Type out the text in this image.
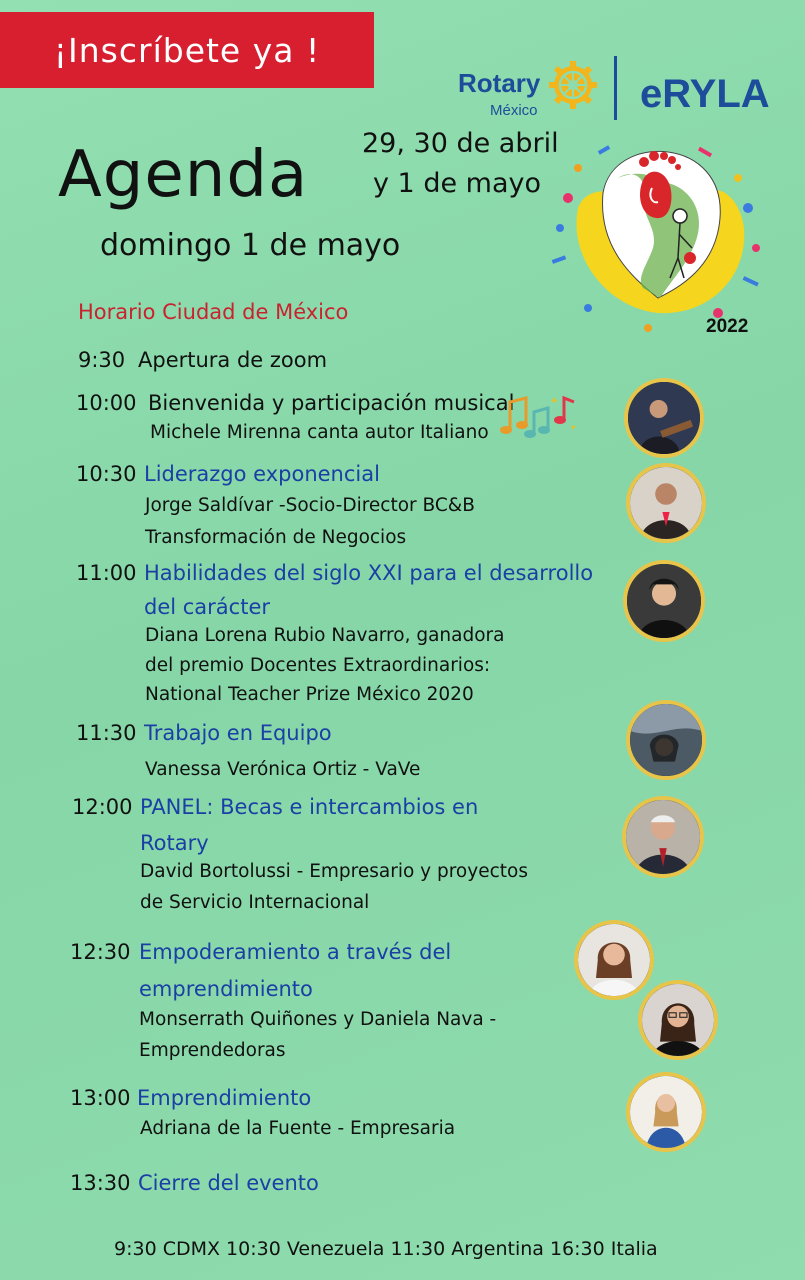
¡Inscríbete ya !
Rotary
México	eRYLA
Agenda 29, 30 de abril
y 1 de mayo
domingo 1 de mayo
2022
Horario Ciudad de México
9:30 Apertura de zoom
10:00 Bienvenida y participación musical
Michele Mirenna canta autor Italiano
✦
✦
10:30 Liderazgo exponencial
Jorge Saldívar -Socio-Director BC&B
Transformación de Negocios
11:00 Habilidades del siglo XXI para el desarrollo
del carácter
Diana Lorena Rubio Navarro, ganadora
del premio Docentes Extraordinarios:
National Teacher Prize México 2020
11:30 Trabajo en Equipo
Vanessa Verónica Ortiz - VaVe
12:00 PANEL: Becas e intercambios en
Rotary
David Bortolussi - Empresario y proyectos
de Servicio Internacional
12:30 Empoderamiento a través del
emprendimiento
Monserrath Quiñones y Daniela Nava -
Emprendedoras
13:00 Emprendimiento
Adriana de la Fuente - Empresaria
13:30 Cierre del evento
9:30 CDMX 10:30 Venezuela 11:30 Argentina 16:30 Italia
